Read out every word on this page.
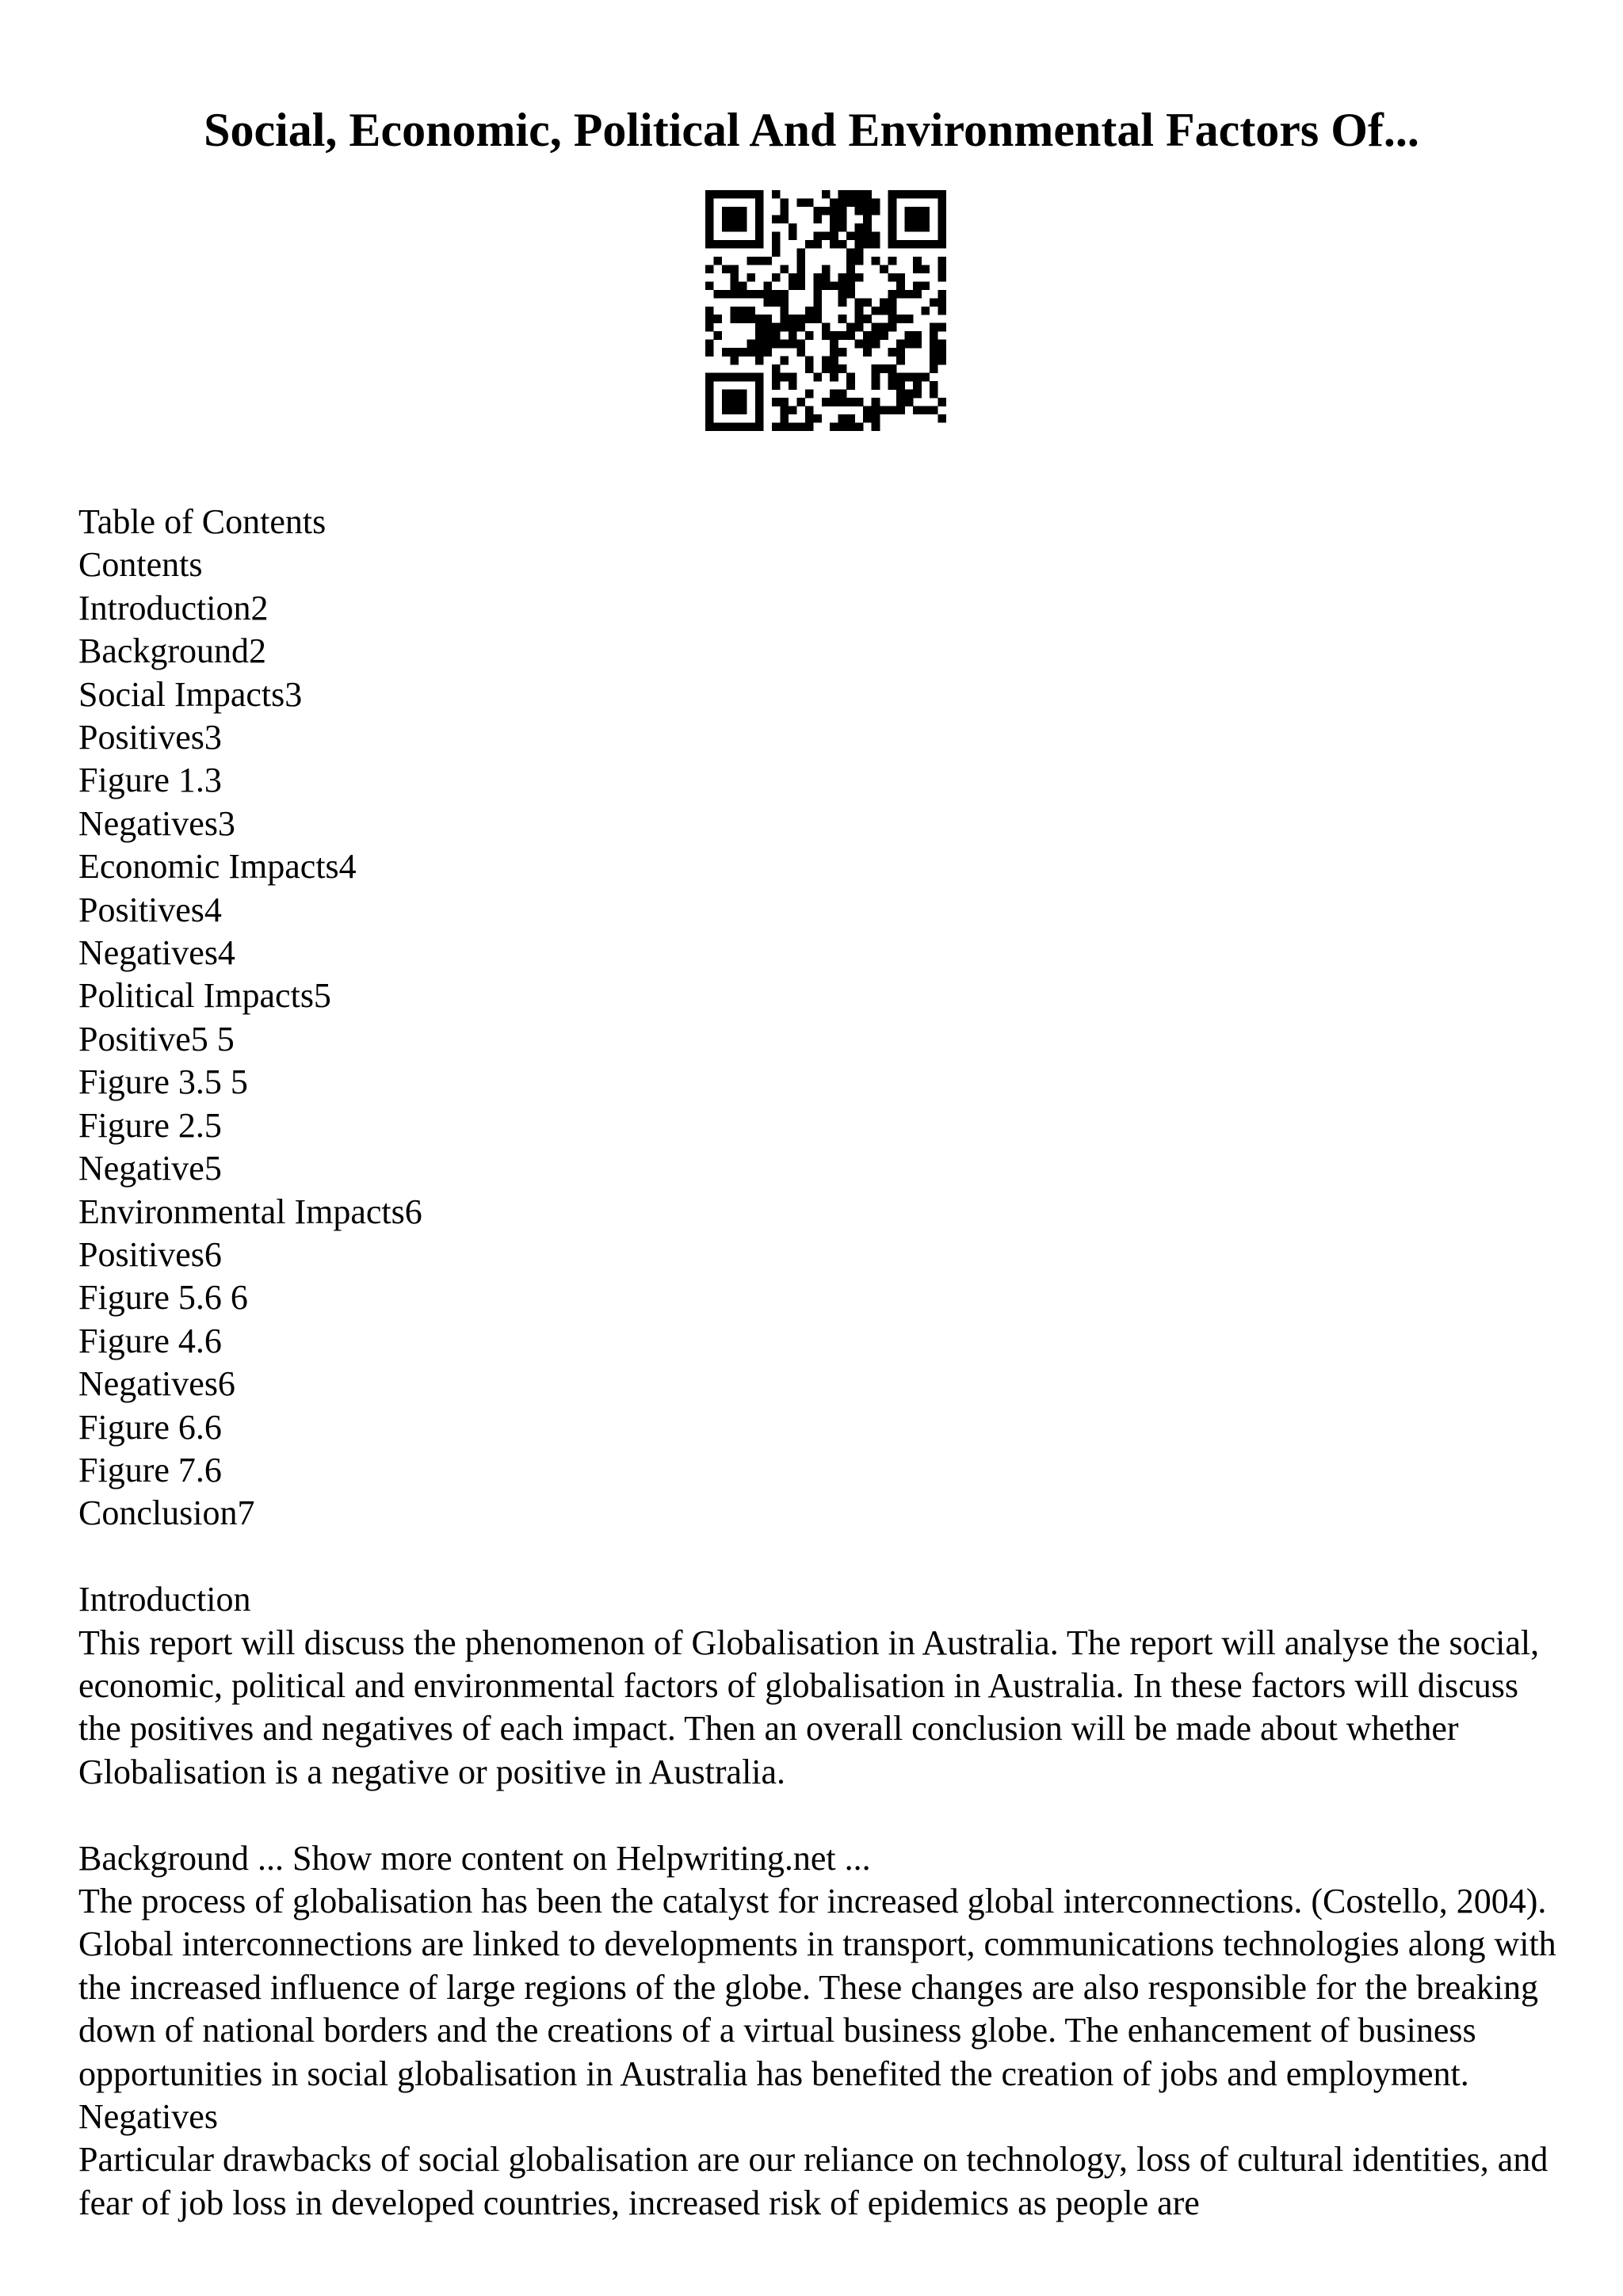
Social, Economic, Political And Environmental Factors Of...
Table of Contents
Contents
Introduction2
Background2
Social Impacts3
Positives3
Figure 1.3
Negatives3
Economic Impacts4
Positives4
Negatives4
Political Impacts5
Positive5 5
Figure 3.5 5
Figure 2.5
Negative5
Environmental Impacts6
Positives6
Figure 5.6 6
Figure 4.6
Negatives6
Figure 6.6
Figure 7.6
Conclusion7
Introduction
This report will discuss the phenomenon of Globalisation in Australia. The report will analyse the social, economic, political and environmental factors of globalisation in Australia. In these factors will discuss the positives and negatives of each impact. Then an overall conclusion will be made about whether Globalisation is a negative or positive in Australia.
Background ... Show more content on Helpwriting.net ...
The process of globalisation has been the catalyst for increased global interconnections. (Costello, 2004). Global interconnections are linked to developments in transport, communications technologies along with the increased influence of large regions of the globe. These changes are also responsible for the breaking down of national borders and the creations of a virtual business globe. The enhancement of business opportunities in social globalisation in Australia has benefited the creation of jobs and employment.
Negatives
Particular drawbacks of social globalisation are our reliance on technology, loss of cultural identities, and fear of job loss in developed countries, increased risk of epidemics as people are
